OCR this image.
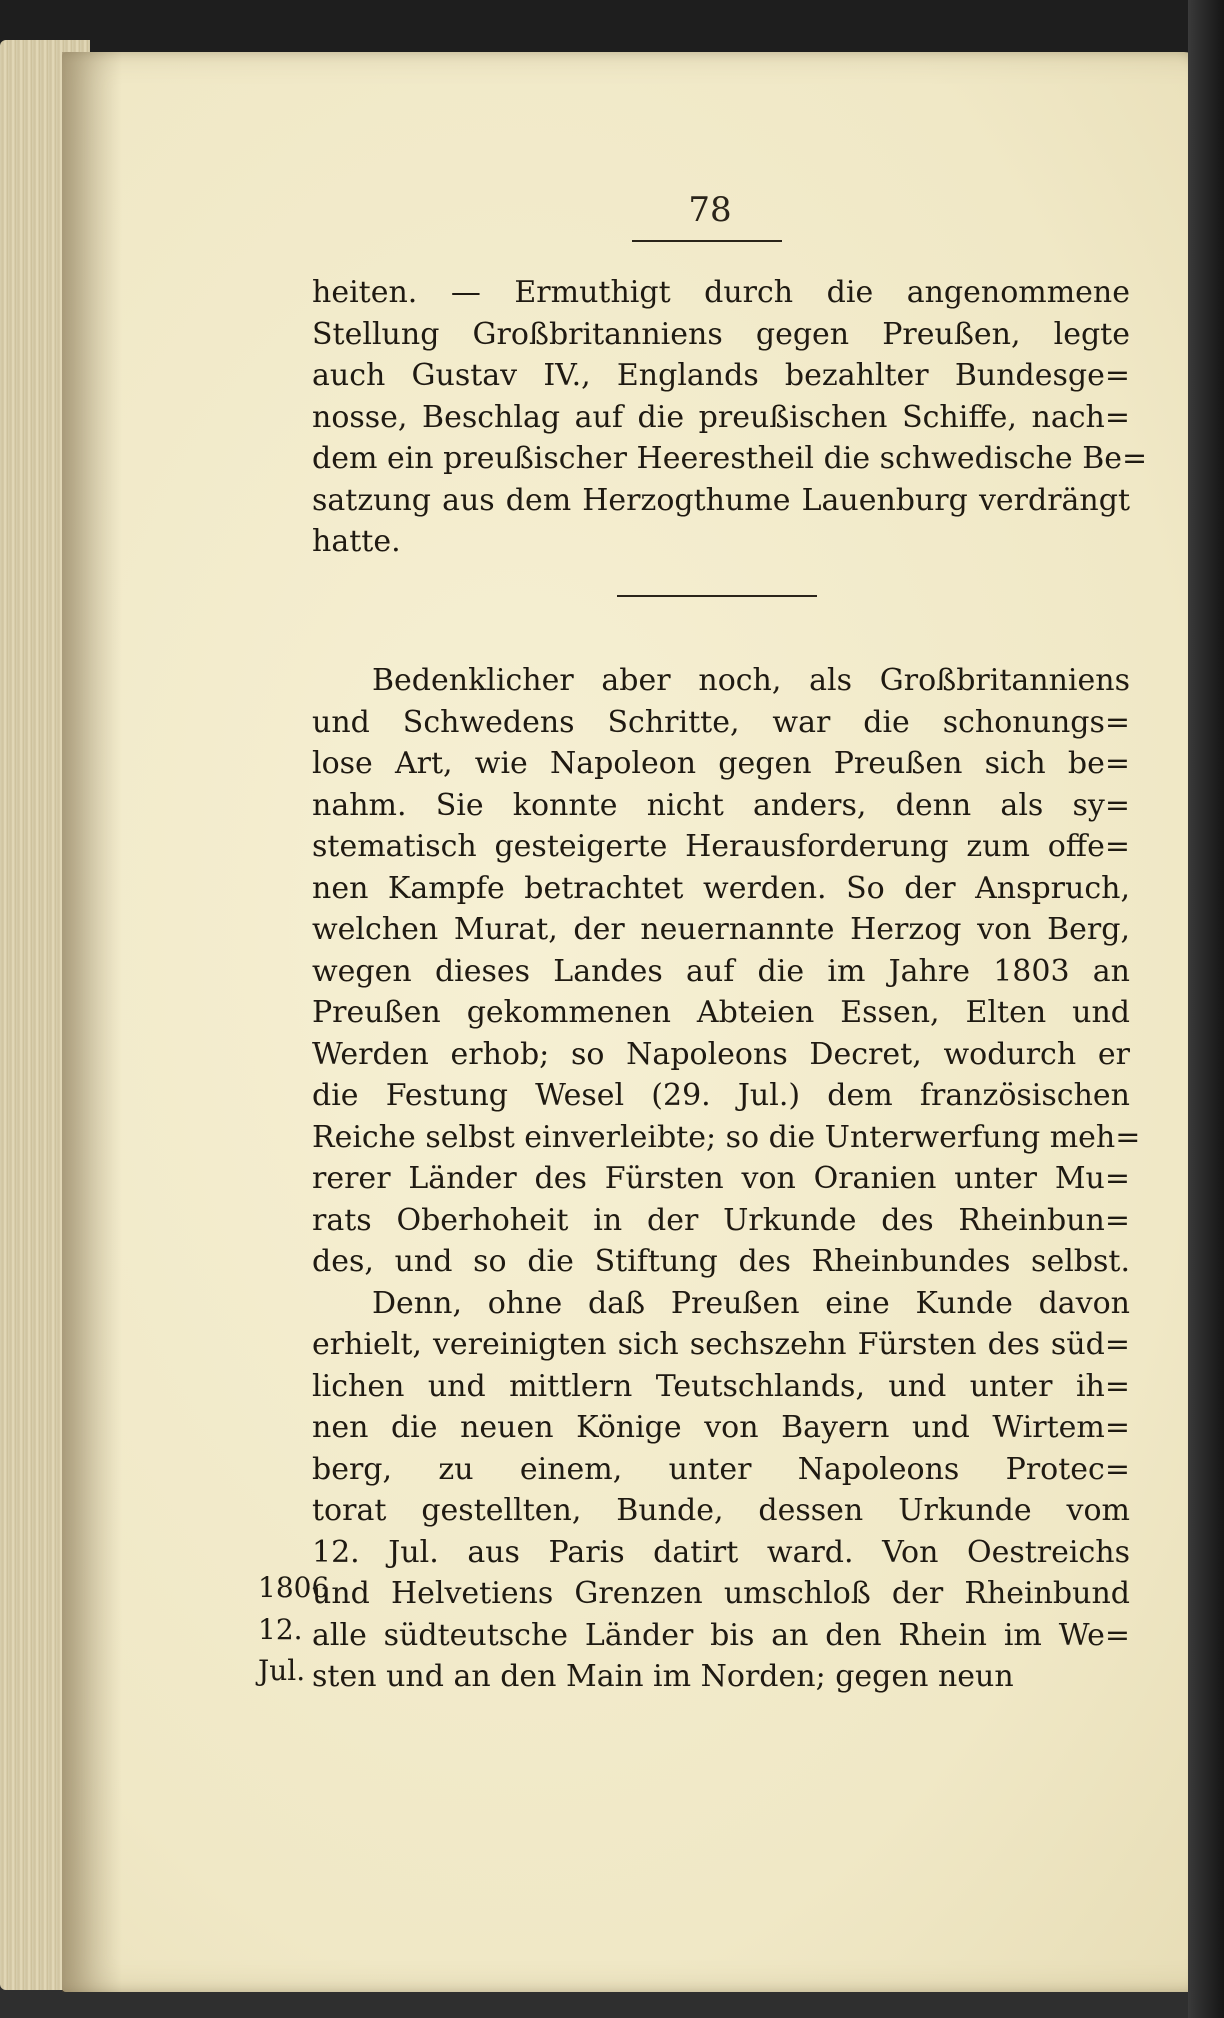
78
heiten. — Ermuthigt durch die angenommene
Stellung Großbritanniens gegen Preußen, legte
auch Gustav IV., Englands bezahlter Bundesge=
nosse, Beschlag auf die preußischen Schiffe, nach=
dem ein preußischer Heerestheil die schwedische Be=
satzung aus dem Herzogthume Lauenburg verdrängt
hatte.
Bedenklicher aber noch, als Großbritanniens
und Schwedens Schritte, war die schonungs=
lose Art, wie Napoleon gegen Preußen sich be=
nahm. Sie konnte nicht anders, denn als sy=
stematisch gesteigerte Herausforderung zum offe=
nen Kampfe betrachtet werden. So der Anspruch,
welchen Murat, der neuernannte Herzog von Berg,
wegen dieses Landes auf die im Jahre 1803 an
Preußen gekommenen Abteien Essen, Elten und
Werden erhob; so Napoleons Decret, wodurch er
die Festung Wesel (29. Jul.) dem französischen
Reiche selbst einverleibte; so die Unterwerfung meh=
rerer Länder des Fürsten von Oranien unter Mu=
rats Oberhoheit in der Urkunde des Rheinbun=
des, und so die Stiftung des Rheinbundes selbst.
Denn, ohne daß Preußen eine Kunde davon
erhielt, vereinigten sich sechszehn Fürsten des süd=
lichen und mittlern Teutschlands, und unter ih=
nen die neuen Könige von Bayern und Wirtem=
berg, zu einem, unter Napoleons Protec=
torat gestellten, Bunde, dessen Urkunde vom
12. Jul. aus Paris datirt ward. Von Oestreichs
und Helvetiens Grenzen umschloß der Rheinbund
alle südteutsche Länder bis an den Rhein im We=
sten und an den Main im Norden; gegen neun
1806
12.
Jul.
